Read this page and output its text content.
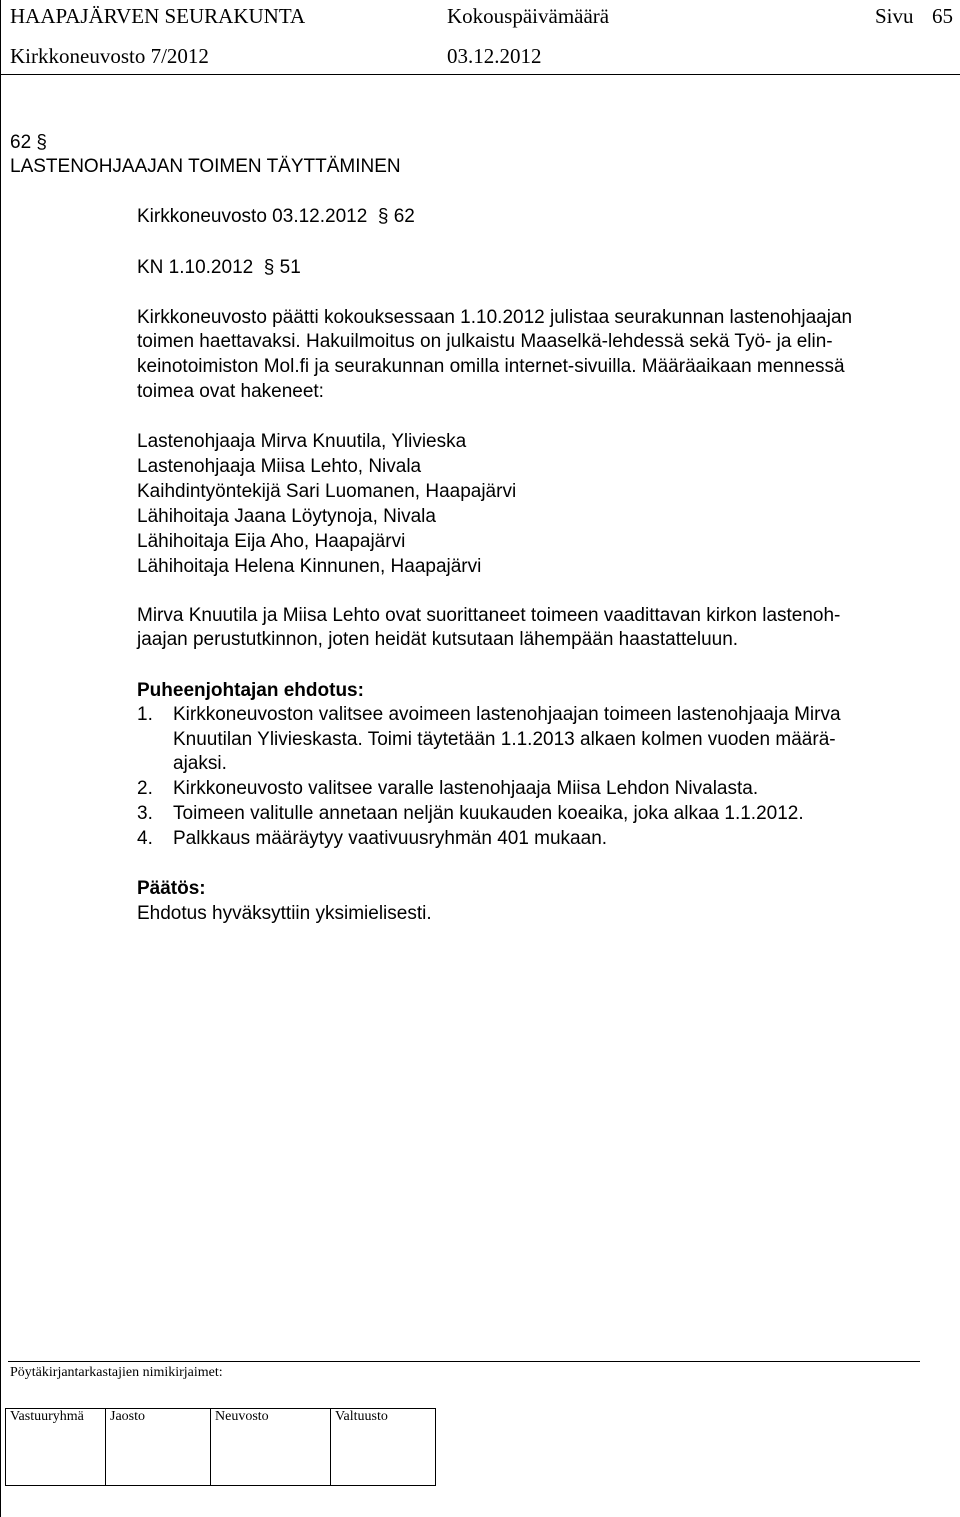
HAAPAJÄRVEN SEURAKUNTA	Kokouspäivämäärä	Sivu 65
Kirkkoneuvosto 7/2012	03.12.2012
62 §
LASTENOHJAAJAN TOIMEN TÄYTTÄMINEN
Kirkkoneuvosto 03.12.2012 § 62
KN 1.10.2012 § 51
Kirkkoneuvosto päätti kokouksessaan 1.10.2012 julistaa seurakunnan lastenohjaajan
toimen haettavaksi. Hakuilmoitus on julkaistu Maaselkä-lehdessä sekä Työ- ja elin-
keinotoimiston Mol.fi ja seurakunnan omilla internet-sivuilla. Määräaikaan mennessä
toimea ovat hakeneet:
Lastenohjaaja Mirva Knuutila, Ylivieska
Lastenohjaaja Miisa Lehto, Nivala
Kaihdintyöntekijä Sari Luomanen, Haapajärvi
Lähihoitaja Jaana Löytynoja, Nivala
Lähihoitaja Eija Aho, Haapajärvi
Lähihoitaja Helena Kinnunen, Haapajärvi
Mirva Knuutila ja Miisa Lehto ovat suorittaneet toimeen vaadittavan kirkon lastenoh-
jaajan perustutkinnon, joten heidät kutsutaan lähempään haastatteluun.
Puheenjohtajan ehdotus:
1. Kirkkoneuvoston valitsee avoimeen lastenohjaajan toimeen lastenohjaaja Mirva
Knuutilan Ylivieskasta. Toimi täytetään 1.1.2013 alkaen kolmen vuoden määrä-
ajaksi.
2. Kirkkoneuvosto valitsee varalle lastenohjaaja Miisa Lehdon Nivalasta.
3. Toimeen valitulle annetaan neljän kuukauden koeaika, joka alkaa 1.1.2012.
4. Palkkaus määräytyy vaativuusryhmän 401 mukaan.
Päätös:
Ehdotus hyväksyttiin yksimielisesti.
Pöytäkirjantarkastajien nimikirjaimet:
Vastuuryhmä	Jaosto	Neuvosto	Valtuusto
